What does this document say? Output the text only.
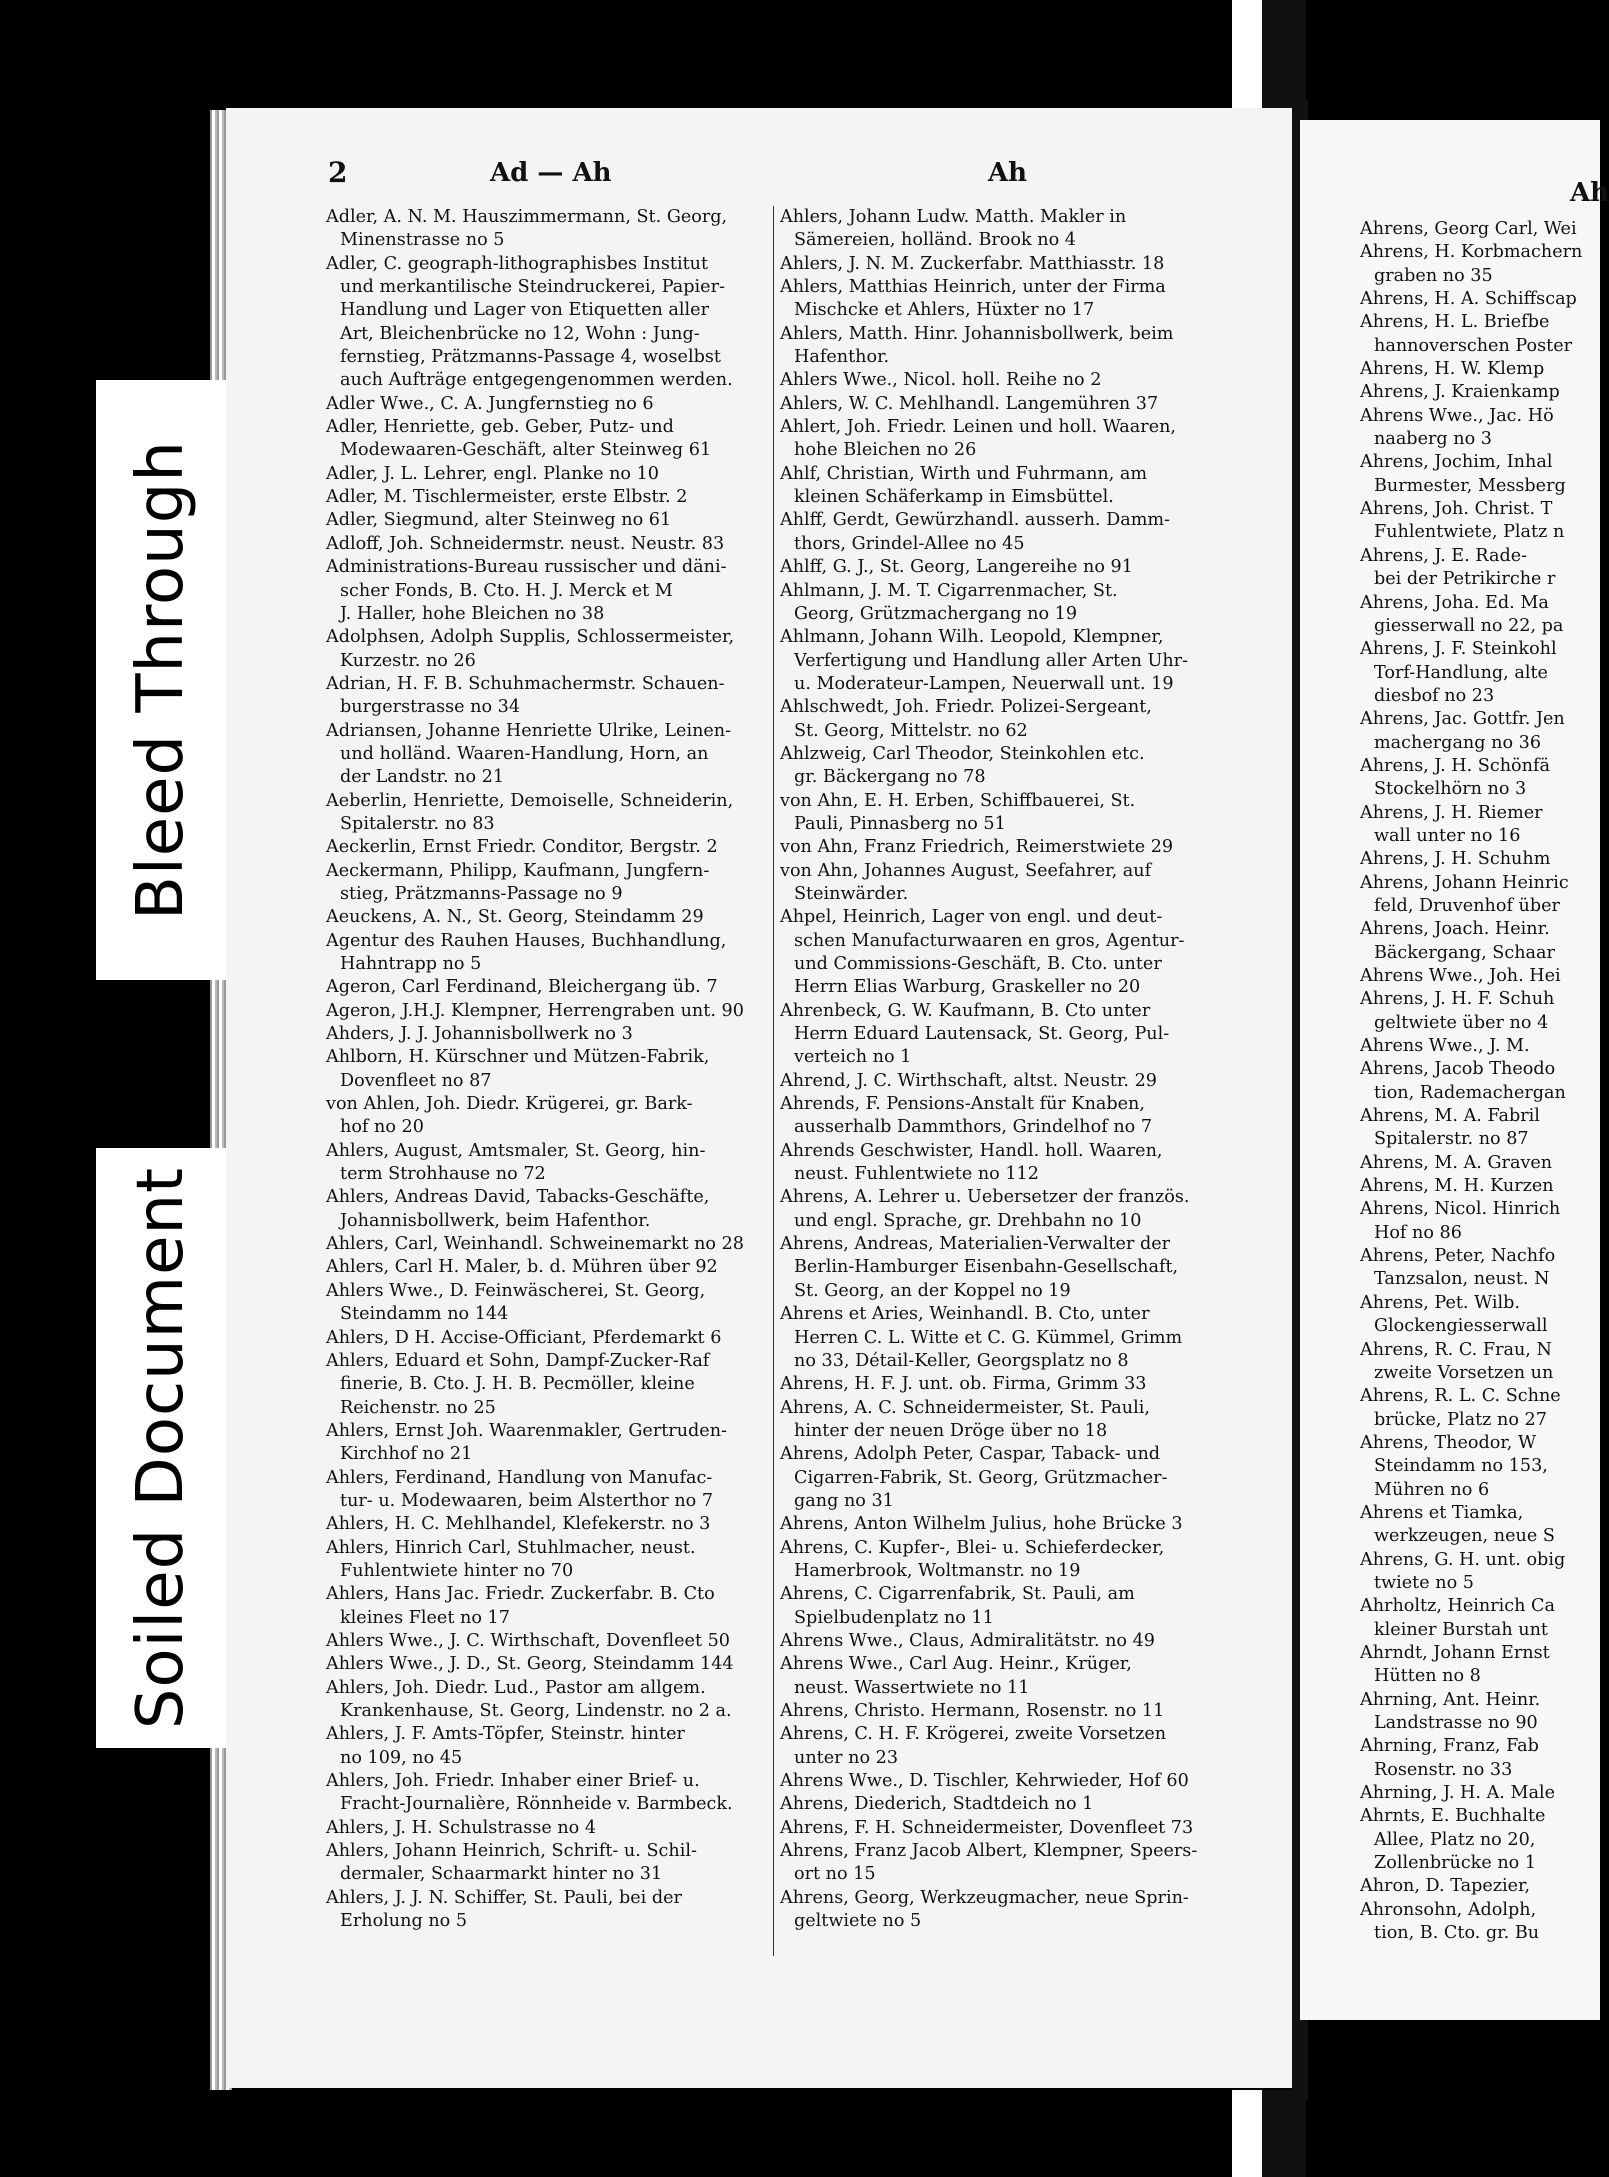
Bleed Through
Soiled Document
2	Ad — Ah	Ah
Ah
Adler, A. N. M. Hauszimmermann, St. Georg,
Minenstrasse no 5
Adler, C. geograph-lithographisbes Institut
und merkantilische Steindruckerei, Papier-
Handlung und Lager von Etiquetten aller
Art, Bleichenbrücke no 12, Wohn : Jung-
fernstieg, Prätzmanns-Passage 4, woselbst
auch Aufträge entgegengenommen werden.
Adler Wwe., C. A. Jungfernstieg no 6
Adler, Henriette, geb. Geber, Putz- und
Modewaaren-Geschäft, alter Steinweg 61
Adler, J. L. Lehrer, engl. Planke no 10
Adler, M. Tischlermeister, erste Elbstr. 2
Adler, Siegmund, alter Steinweg no 61
Adloff, Joh. Schneidermstr. neust. Neustr. 83
Administrations-Bureau russischer und däni-
scher Fonds, B. Cto. H. J. Merck et M
J. Haller, hohe Bleichen no 38
Adolphsen, Adolph Supplis, Schlossermeister,
Kurzestr. no 26
Adrian, H. F. B. Schuhmachermstr. Schauen-
burgerstrasse no 34
Adriansen, Johanne Henriette Ulrike, Leinen-
und holländ. Waaren-Handlung, Horn, an
der Landstr. no 21
Aeberlin, Henriette, Demoiselle, Schneiderin,
Spitalerstr. no 83
Aeckerlin, Ernst Friedr. Conditor, Bergstr. 2
Aeckermann, Philipp, Kaufmann, Jungfern-
stieg, Prätzmanns-Passage no 9
Aeuckens, A. N., St. Georg, Steindamm 29
Agentur des Rauhen Hauses, Buchhandlung,
Hahntrapp no 5
Ageron, Carl Ferdinand, Bleichergang üb. 7
Ageron, J.H.J. Klempner, Herrengraben unt. 90
Ahders, J. J. Johannisbollwerk no 3
Ahlborn, H. Kürschner und Mützen-Fabrik,
Dovenfleet no 87
von Ahlen, Joh. Diedr. Krügerei, gr. Bark-
hof no 20
Ahlers, August, Amtsmaler, St. Georg, hin-
term Strohhause no 72
Ahlers, Andreas David, Tabacks-Geschäfte,
Johannisbollwerk, beim Hafenthor.
Ahlers, Carl, Weinhandl. Schweinemarkt no 28
Ahlers, Carl H. Maler, b. d. Mühren über 92
Ahlers Wwe., D. Feinwäscherei, St. Georg,
Steindamm no 144
Ahlers, D H. Accise-Officiant, Pferdemarkt 6
Ahlers, Eduard et Sohn, Dampf-Zucker-Raf
finerie, B. Cto. J. H. B. Pecmöller, kleine
Reichenstr. no 25
Ahlers, Ernst Joh. Waarenmakler, Gertruden-
Kirchhof no 21
Ahlers, Ferdinand, Handlung von Manufac-
tur- u. Modewaaren, beim Alsterthor no 7
Ahlers, H. C. Mehlhandel, Klefekerstr. no 3
Ahlers, Hinrich Carl, Stuhlmacher, neust.
Fuhlentwiete hinter no 70
Ahlers, Hans Jac. Friedr. Zuckerfabr. B. Cto
kleines Fleet no 17
Ahlers Wwe., J. C. Wirthschaft, Dovenfleet 50
Ahlers Wwe., J. D., St. Georg, Steindamm 144
Ahlers, Joh. Diedr. Lud., Pastor am allgem.
Krankenhause, St. Georg, Lindenstr. no 2 a.
Ahlers, J. F. Amts-Töpfer, Steinstr. hinter
no 109, no 45
Ahlers, Joh. Friedr. Inhaber einer Brief- u.
Fracht-Journalière, Rönnheide v. Barmbeck.
Ahlers, J. H. Schulstrasse no 4
Ahlers, Johann Heinrich, Schrift- u. Schil-
dermaler, Schaarmarkt hinter no 31
Ahlers, J. J. N. Schiffer, St. Pauli, bei der
Erholung no 5
Ahlers, Johann Ludw. Matth. Makler in
Sämereien, holländ. Brook no 4
Ahlers, J. N. M. Zuckerfabr. Matthiasstr. 18
Ahlers, Matthias Heinrich, unter der Firma
Mischcke et Ahlers, Hüxter no 17
Ahlers, Matth. Hinr. Johannisbollwerk, beim
Hafenthor.
Ahlers Wwe., Nicol. holl. Reihe no 2
Ahlers, W. C. Mehlhandl. Langemühren 37
Ahlert, Joh. Friedr. Leinen und holl. Waaren,
hohe Bleichen no 26
Ahlf, Christian, Wirth und Fuhrmann, am
kleinen Schäferkamp in Eimsbüttel.
Ahlff, Gerdt, Gewürzhandl. ausserh. Damm-
thors, Grindel-Allee no 45
Ahlff, G. J., St. Georg, Langereihe no 91
Ahlmann, J. M. T. Cigarrenmacher, St.
Georg, Grützmachergang no 19
Ahlmann, Johann Wilh. Leopold, Klempner,
Verfertigung und Handlung aller Arten Uhr-
u. Moderateur-Lampen, Neuerwall unt. 19
Ahlschwedt, Joh. Friedr. Polizei-Sergeant,
St. Georg, Mittelstr. no 62
Ahlzweig, Carl Theodor, Steinkohlen etc.
gr. Bäckergang no 78
von Ahn, E. H. Erben, Schiffbauerei, St.
Pauli, Pinnasberg no 51
von Ahn, Franz Friedrich, Reimerstwiete 29
von Ahn, Johannes August, Seefahrer, auf
Steinwärder.
Ahpel, Heinrich, Lager von engl. und deut-
schen Manufacturwaaren en gros, Agentur-
und Commissions-Geschäft, B. Cto. unter
Herrn Elias Warburg, Graskeller no 20
Ahrenbeck, G. W. Kaufmann, B. Cto unter
Herrn Eduard Lautensack, St. Georg, Pul-
verteich no 1
Ahrend, J. C. Wirthschaft, altst. Neustr. 29
Ahrends, F. Pensions-Anstalt für Knaben,
ausserhalb Dammthors, Grindelhof no 7
Ahrends Geschwister, Handl. holl. Waaren,
neust. Fuhlentwiete no 112
Ahrens, A. Lehrer u. Uebersetzer der französ.
und engl. Sprache, gr. Drehbahn no 10
Ahrens, Andreas, Materialien-Verwalter der
Berlin-Hamburger Eisenbahn-Gesellschaft,
St. Georg, an der Koppel no 19
Ahrens et Aries, Weinhandl. B. Cto, unter
Herren C. L. Witte et C. G. Kümmel, Grimm
no 33, Détail-Keller, Georgsplatz no 8
Ahrens, H. F. J. unt. ob. Firma, Grimm 33
Ahrens, A. C. Schneidermeister, St. Pauli,
hinter der neuen Dröge über no 18
Ahrens, Adolph Peter, Caspar, Taback- und
Cigarren-Fabrik, St. Georg, Grützmacher-
gang no 31
Ahrens, Anton Wilhelm Julius, hohe Brücke 3
Ahrens, C. Kupfer-, Blei- u. Schieferdecker,
Hamerbrook, Woltmanstr. no 19
Ahrens, C. Cigarrenfabrik, St. Pauli, am
Spielbudenplatz no 11
Ahrens Wwe., Claus, Admiralitätstr. no 49
Ahrens Wwe., Carl Aug. Heinr., Krüger,
neust. Wassertwiete no 11
Ahrens, Christo. Hermann, Rosenstr. no 11
Ahrens, C. H. F. Krögerei, zweite Vorsetzen
unter no 23
Ahrens Wwe., D. Tischler, Kehrwieder, Hof 60
Ahrens, Diederich, Stadtdeich no 1
Ahrens, F. H. Schneidermeister, Dovenfleet 73
Ahrens, Franz Jacob Albert, Klempner, Speers-
ort no 15
Ahrens, Georg, Werkzeugmacher, neue Sprin-
geltwiete no 5
Ahrens, Georg Carl, Wei
Ahrens, H. Korbmachern
graben no 35
Ahrens, H. A. Schiffscap
Ahrens, H. L. Briefbe
hannoverschen Poster
Ahrens, H. W. Klemp
Ahrens, J. Kraienkamp
Ahrens Wwe., Jac. Hö
naaberg no 3
Ahrens, Jochim, Inhal
Burmester, Messberg
Ahrens, Joh. Christ. T
Fuhlentwiete, Platz n
Ahrens, J. E. Rade-
bei der Petrikirche r
Ahrens, Joha. Ed. Ma
giesserwall no 22, pa
Ahrens, J. F. Steinkohl
Torf-Handlung, alte
diesbof no 23
Ahrens, Jac. Gottfr. Jen
machergang no 36
Ahrens, J. H. Schönfä
Stockelhörn no 3
Ahrens, J. H. Riemer
wall unter no 16
Ahrens, J. H. Schuhm
Ahrens, Johann Heinric
feld, Druvenhof über
Ahrens, Joach. Heinr.
Bäckergang, Schaar
Ahrens Wwe., Joh. Hei
Ahrens, J. H. F. Schuh
geltwiete über no 4
Ahrens Wwe., J. M.
Ahrens, Jacob Theodo
tion, Rademachergan
Ahrens, M. A. Fabril
Spitalerstr. no 87
Ahrens, M. A. Graven
Ahrens, M. H. Kurzen
Ahrens, Nicol. Hinrich
Hof no 86
Ahrens, Peter, Nachfo
Tanzsalon, neust. N
Ahrens, Pet. Wilb.
Glockengiesserwall
Ahrens, R. C. Frau, N
zweite Vorsetzen un
Ahrens, R. L. C. Schne
brücke, Platz no 27
Ahrens, Theodor, W
Steindamm no 153,
Mühren no 6
Ahrens et Tiamka,
werkzeugen, neue S
Ahrens, G. H. unt. obig
twiete no 5
Ahrholtz, Heinrich Ca
kleiner Burstah unt
Ahrndt, Johann Ernst
Hütten no 8
Ahrning, Ant. Heinr.
Landstrasse no 90
Ahrning, Franz, Fab
Rosenstr. no 33
Ahrning, J. H. A. Male
Ahrnts, E. Buchhalte
Allee, Platz no 20,
Zollenbrücke no 1
Ahron, D. Tapezier,
Ahronsohn, Adolph,
tion, B. Cto. gr. Bu
